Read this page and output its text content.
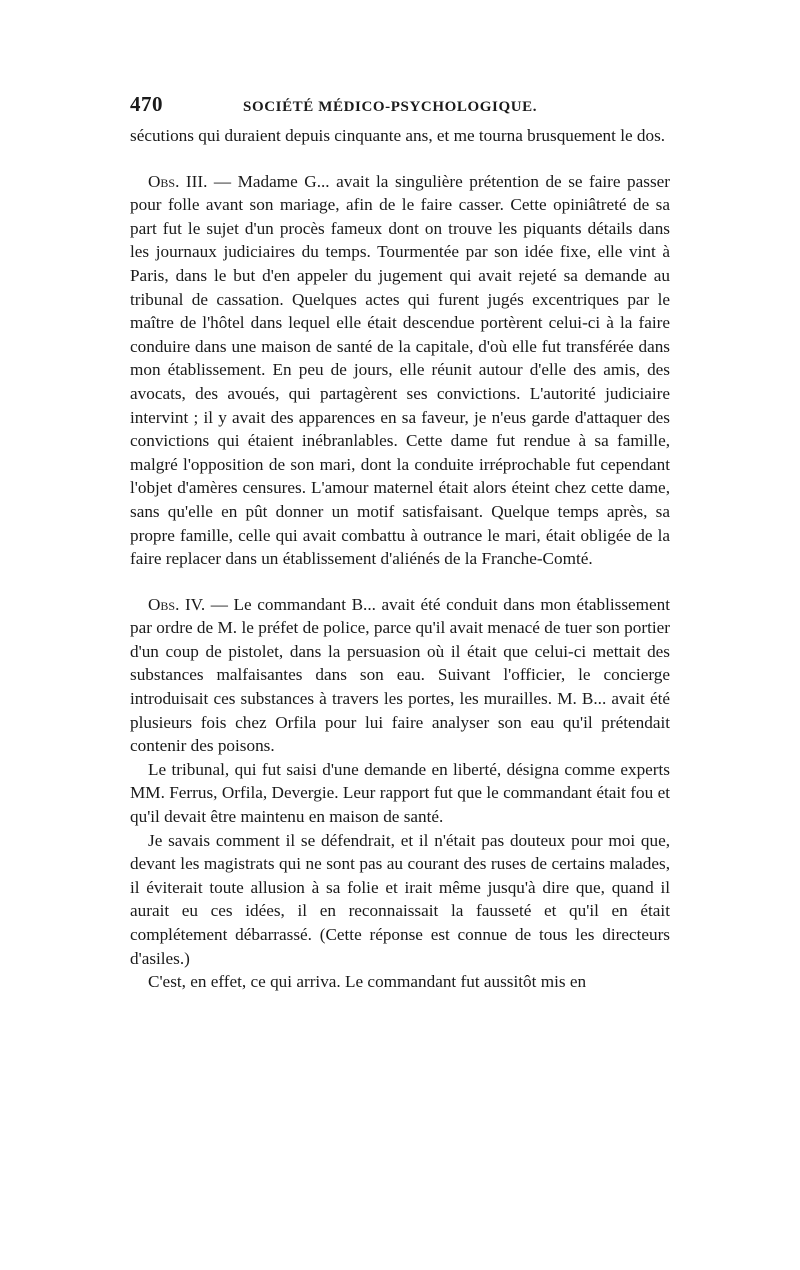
470	SOCIÉTÉ MÉDICO-PSYCHOLOGIQUE.

sécutions qui duraient depuis cinquante ans, et me tourna brusquement le dos.

Obs. III. — Madame G... avait la singulière prétention de se faire passer pour folle avant son mariage, afin de le faire casser. Cette opiniâtreté de sa part fut le sujet d'un procès fameux dont on trouve les piquants détails dans les journaux judiciaires du temps. Tourmentée par son idée fixe, elle vint à Paris, dans le but d'en appeler du jugement qui avait rejeté sa demande au tribunal de cassation. Quelques actes qui furent jugés excentriques par le maître de l'hôtel dans lequel elle était descendue portèrent celui-ci à la faire conduire dans une maison de santé de la capitale, d'où elle fut transférée dans mon établissement. En peu de jours, elle réunit autour d'elle des amis, des avocats, des avoués, qui partagèrent ses convictions. L'autorité judiciaire intervint ; il y avait des apparences en sa faveur, je n'eus garde d'attaquer des convictions qui étaient inébranlables. Cette dame fut rendue à sa famille, malgré l'opposition de son mari, dont la conduite irréprochable fut cependant l'objet d'amères censures. L'amour maternel était alors éteint chez cette dame, sans qu'elle en pût donner un motif satisfaisant. Quelque temps après, sa propre famille, celle qui avait combattu à outrance le mari, était obligée de la faire replacer dans un établissement d'aliénés de la Franche-Comté.

Obs. IV. — Le commandant B... avait été conduit dans mon établissement par ordre de M. le préfet de police, parce qu'il avait menacé de tuer son portier d'un coup de pistolet, dans la persuasion où il était que celui-ci mettait des substances malfaisantes dans son eau. Suivant l'officier, le concierge introduisait ces substances à travers les portes, les murailles. M. B... avait été plusieurs fois chez Orfila pour lui faire analyser son eau qu'il prétendait contenir des poisons.

Le tribunal, qui fut saisi d'une demande en liberté, désigna comme experts MM. Ferrus, Orfila, Devergie. Leur rapport fut que le commandant était fou et qu'il devait être maintenu en maison de santé.

Je savais comment il se défendrait, et il n'était pas douteux pour moi que, devant les magistrats qui ne sont pas au courant des ruses de certains malades, il éviterait toute allusion à sa folie et irait même jusqu'à dire que, quand il aurait eu ces idées, il en reconnaissait la fausseté et qu'il en était complétement débarrassé. (Cette réponse est connue de tous les directeurs d'asiles.)

C'est, en effet, ce qui arriva. Le commandant fut aussitôt mis en
